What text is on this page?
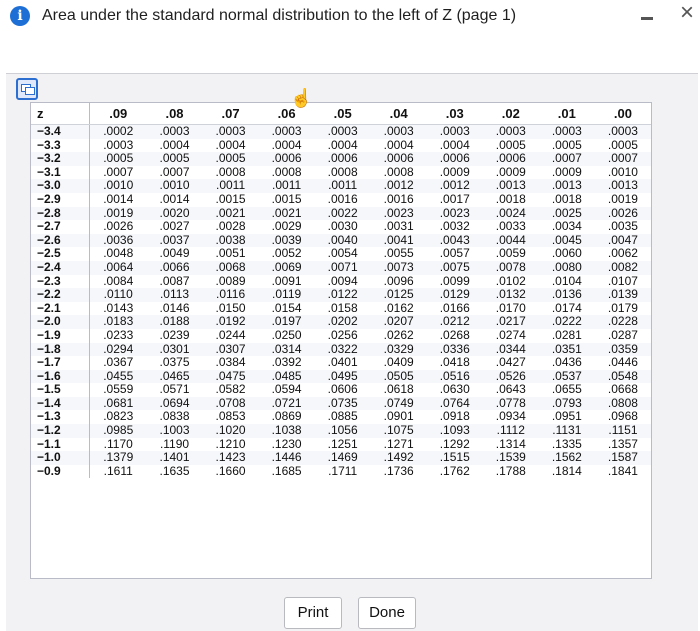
i	Area under the standard normal distribution to the left of Z (page 1)	×
z	.09	.08	.07	.06	.05	.04	.03	.02	.01	.00
−3.4	.0002	.0003	.0003	.0003	.0003	.0003	.0003	.0003	.0003	.0003
−3.3	.0003	.0004	.0004	.0004	.0004	.0004	.0004	.0005	.0005	.0005
−3.2	.0005	.0005	.0005	.0006	.0006	.0006	.0006	.0006	.0007	.0007
−3.1	.0007	.0007	.0008	.0008	.0008	.0008	.0009	.0009	.0009	.0010
−3.0	.0010	.0010	.0011	.0011	.0011	.0012	.0012	.0013	.0013	.0013
−2.9	.0014	.0014	.0015	.0015	.0016	.0016	.0017	.0018	.0018	.0019
−2.8	.0019	.0020	.0021	.0021	.0022	.0023	.0023	.0024	.0025	.0026
−2.7	.0026	.0027	.0028	.0029	.0030	.0031	.0032	.0033	.0034	.0035
−2.6	.0036	.0037	.0038	.0039	.0040	.0041	.0043	.0044	.0045	.0047
−2.5	.0048	.0049	.0051	.0052	.0054	.0055	.0057	.0059	.0060	.0062
−2.4	.0064	.0066	.0068	.0069	.0071	.0073	.0075	.0078	.0080	.0082
−2.3	.0084	.0087	.0089	.0091	.0094	.0096	.0099	.0102	.0104	.0107
−2.2	.0110	.0113	.0116	.0119	.0122	.0125	.0129	.0132	.0136	.0139
−2.1	.0143	.0146	.0150	.0154	.0158	.0162	.0166	.0170	.0174	.0179
−2.0	.0183	.0188	.0192	.0197	.0202	.0207	.0212	.0217	.0222	.0228
−1.9	.0233	.0239	.0244	.0250	.0256	.0262	.0268	.0274	.0281	.0287
−1.8	.0294	.0301	.0307	.0314	.0322	.0329	.0336	.0344	.0351	.0359
−1.7	.0367	.0375	.0384	.0392	.0401	.0409	.0418	.0427	.0436	.0446
−1.6	.0455	.0465	.0475	.0485	.0495	.0505	.0516	.0526	.0537	.0548
−1.5	.0559	.0571	.0582	.0594	.0606	.0618	.0630	.0643	.0655	.0668
−1.4	.0681	.0694	.0708	.0721	.0735	.0749	.0764	.0778	.0793	.0808
−1.3	.0823	.0838	.0853	.0869	.0885	.0901	.0918	.0934	.0951	.0968
−1.2	.0985	.1003	.1020	.1038	.1056	.1075	.1093	.1112	.1131	.1151
−1.1	.1170	.1190	.1210	.1230	.1251	.1271	.1292	.1314	.1335	.1357
−1.0	.1379	.1401	.1423	.1446	.1469	.1492	.1515	.1539	.1562	.1587
−0.9	.1611	.1635	.1660	.1685	.1711	.1736	.1762	.1788	.1814	.1841
Print	Done
☝
